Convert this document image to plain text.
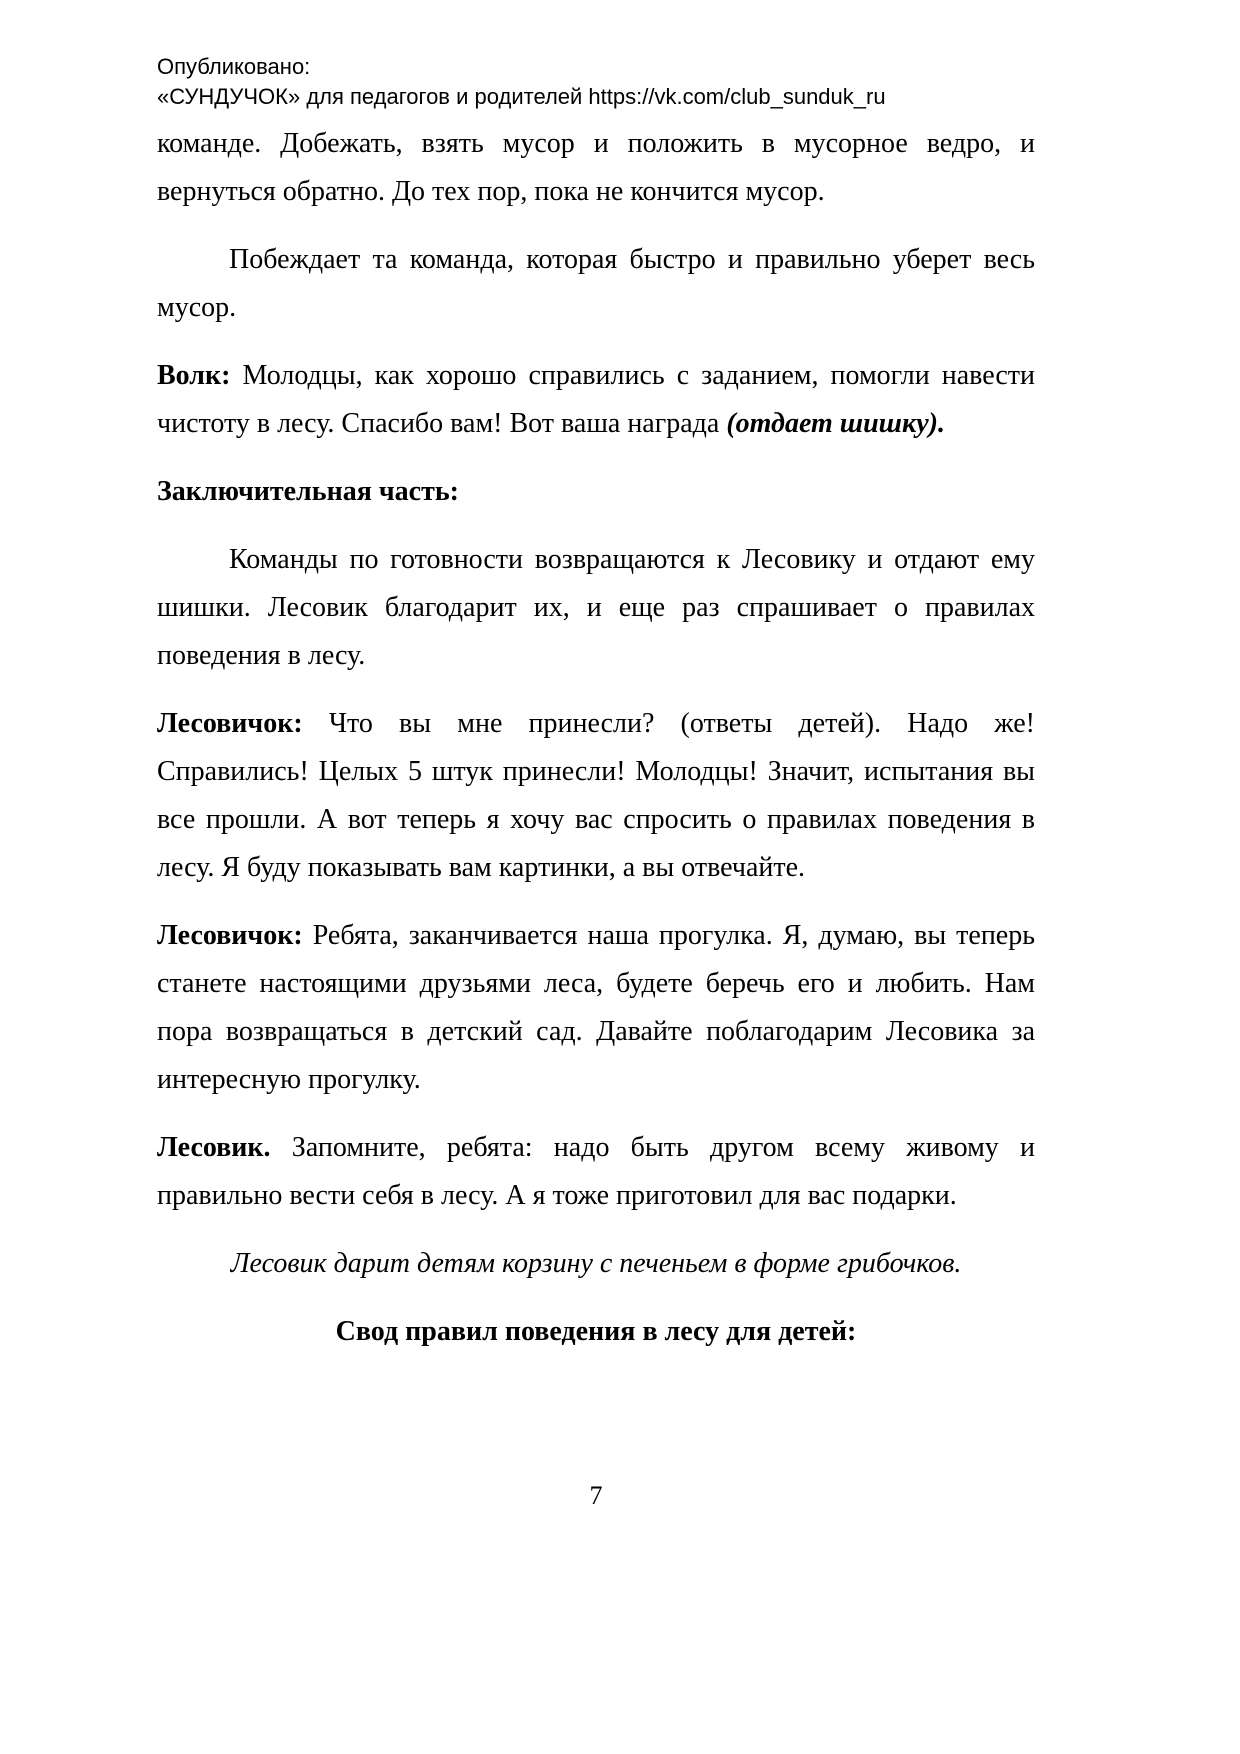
Опубликовано:
«СУНДУЧОК» для педагогов и родителей https://vk.com/club_sunduk_ru

команде. Добежать, взять мусор и положить в мусорное ведро, и вернуться обратно. До тех пор, пока не кончится мусор.

Побеждает та команда, которая быстро и правильно уберет весь мусор.

Волк: Молодцы, как хорошо справились с заданием, помогли навести чистоту в лесу. Спасибо вам! Вот ваша награда (отдает шишку).

Заключительная часть:

Команды по готовности возвращаются к Лесовику и отдают ему шишки. Лесовик благодарит их, и еще раз спрашивает о правилах поведения в лесу.

Лесовичок: Что вы мне принесли? (ответы детей). Надо же! Справились! Целых 5 штук принесли! Молодцы! Значит, испытания вы все прошли. А вот теперь я хочу вас спросить о правилах поведения в лесу. Я буду показывать вам картинки, а вы отвечайте.

Лесовичок: Ребята, заканчивается наша прогулка. Я, думаю, вы теперь станете настоящими друзьями леса, будете беречь его и любить. Нам пора возвращаться в детский сад. Давайте поблагодарим Лесовика за интересную прогулку.

Лесовик. Запомните, ребята: надо быть другом всему живому и правильно вести себя в лесу. А я тоже приготовил для вас подарки.

Лесовик дарит детям корзину с печеньем в форме грибочков.

Свод правил поведения в лесу для детей:

7
